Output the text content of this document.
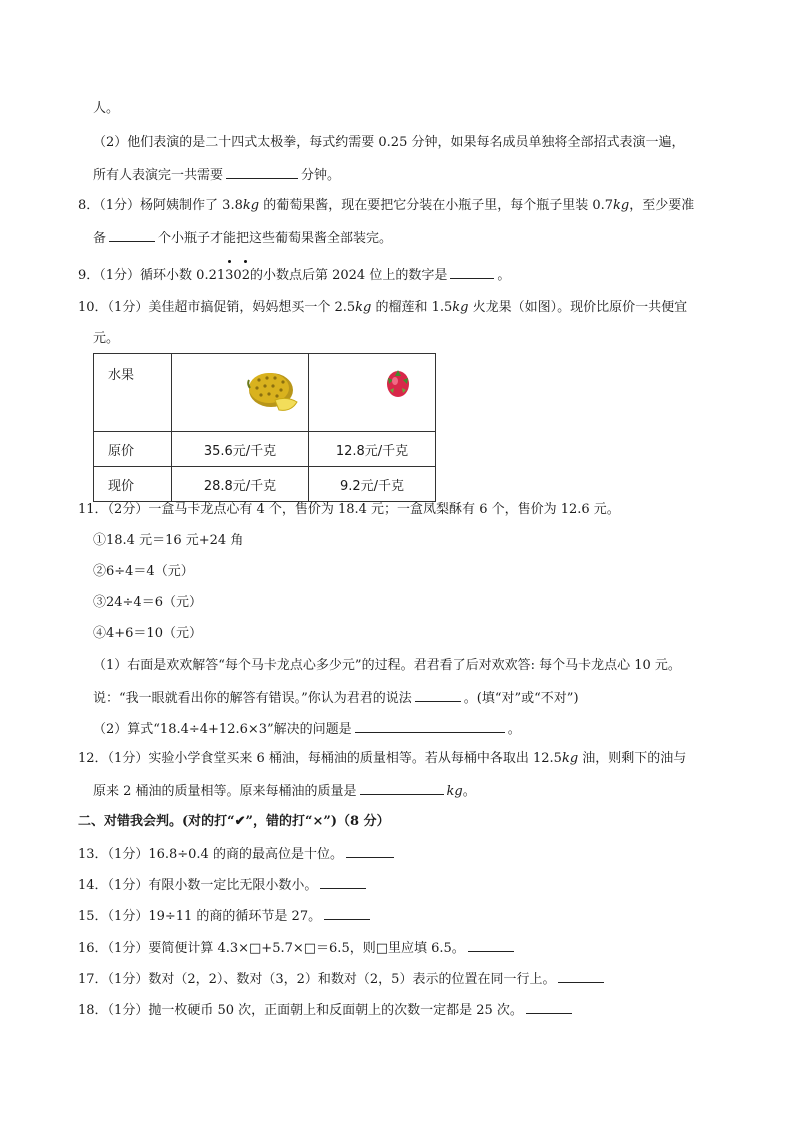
人。
（2）他们表演的是二十四式太极拳，每式约需要 0.25 分钟，如果每名成员单独将全部招式表演一遍，
所有人表演完一共需要	分钟。
8．（1分）杨阿姨制作了 3.8kg 的葡萄果酱，现在要把它分装在小瓶子里，每个瓶子里装 0.7kg，至少要准
备	个小瓶子才能把这些葡萄果酱全部装完。
9．（1分）循环小数 0.21302的小数点后第 2024 位上的数字是	。
10．（1分）美佳超市搞促销，妈妈想买一个 2.5kg 的榴莲和 1.5kg 火龙果（如图）。现价比原价一共便宜
元。
水果		
原价	35.6元/千克	12.8元/千克
现价	28.8元/千克	9.2元/千克
11．（2分）一盒马卡龙点心有 4 个，售价为 18.4 元；一盒凤梨酥有 6 个，售价为 12.6 元。
①18.4 元＝16 元+24 角
②6÷4＝4（元）
③24÷4＝6（元）
④4+6＝10（元）
（1）右面是欢欢解答“每个马卡龙点心多少元”的过程。君君看了后对欢欢答: 每个马卡龙点心 10 元。
说：“我一眼就看出你的解答有错误。”你认为君君的说法	。(填“对”或“不对”)
（2）算式“18.4÷4+12.6×3”解决的问题是	。
12．（1分）实验小学食堂买来 6 桶油，每桶油的质量相等。若从每桶中各取出 12.5kg 油，则剩下的油与
原来 2 桶油的质量相等。原来每桶油的质量是	kg。
二、对错我会判。(对的打“✔”，错的打“×”)（8 分）
13．（1分）16.8÷0.4 的商的最高位是十位。
14．（1分）有限小数一定比无限小数小。
15．（1分）19÷11 的商的循环节是 27。
16．（1分）要简便计算 4.3×□+5.7×□＝6.5，则□里应填 6.5。
17．（1分）数对（2，2）、数对（3，2）和数对（2，5）表示的位置在同一行上。
18．（1分）抛一枚硬币 50 次，正面朝上和反面朝上的次数一定都是 25 次。
